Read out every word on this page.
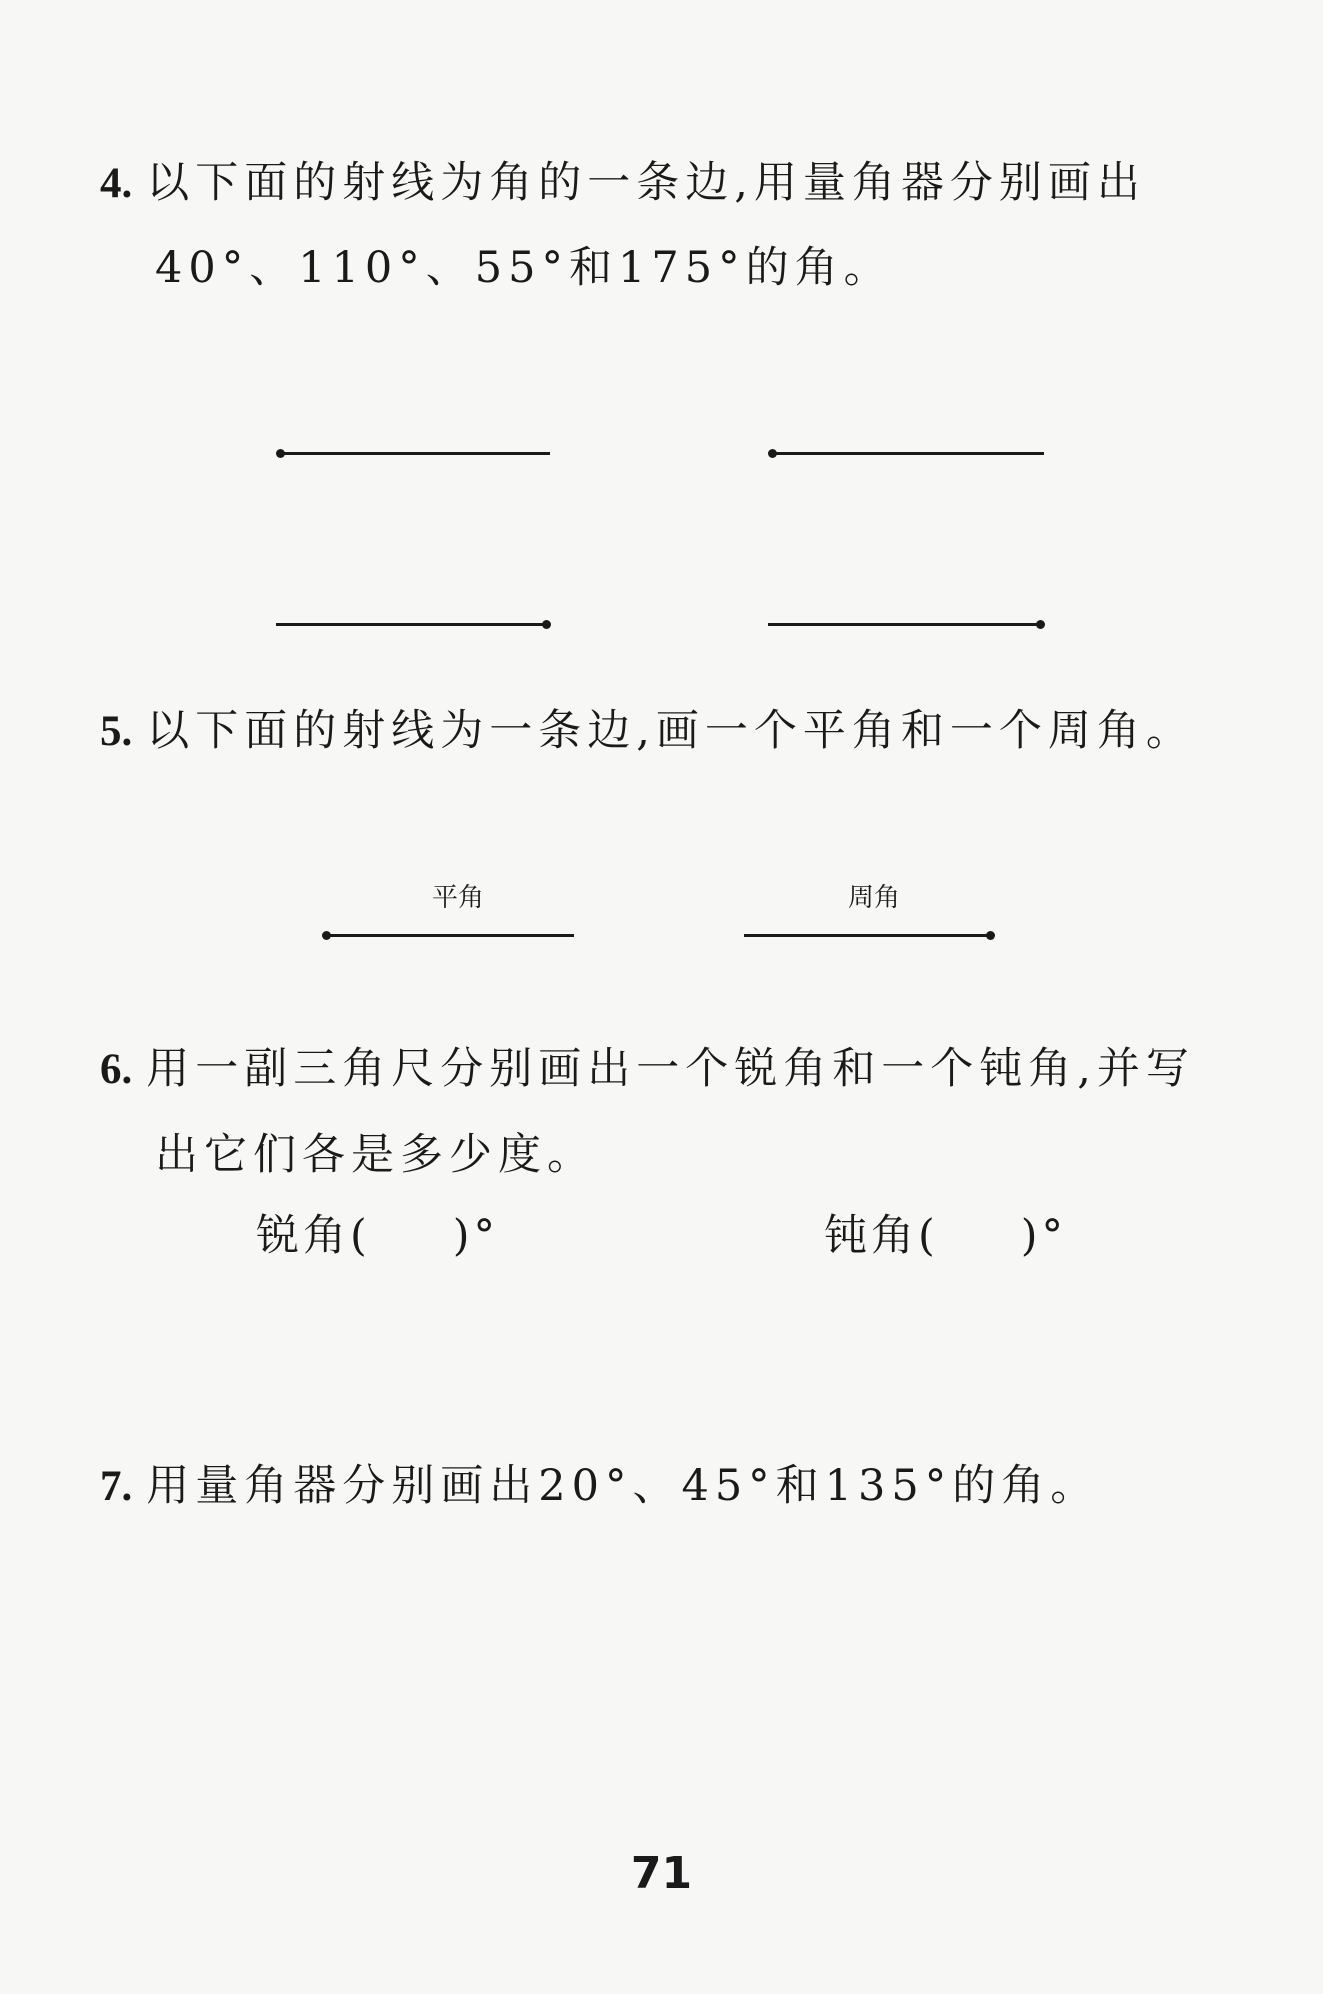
4. 以下面的射线为角的一条边,用量角器分别画出
40°、110°、55°和175°的角。
5. 以下面的射线为一条边,画一个平角和一个周角。
平角	周角
6. 用一副三角尺分别画出一个锐角和一个钝角,并写
出它们各是多少度。
锐角( )°	钝角( )°
7. 用量角器分别画出20°、45°和135°的角。
71
